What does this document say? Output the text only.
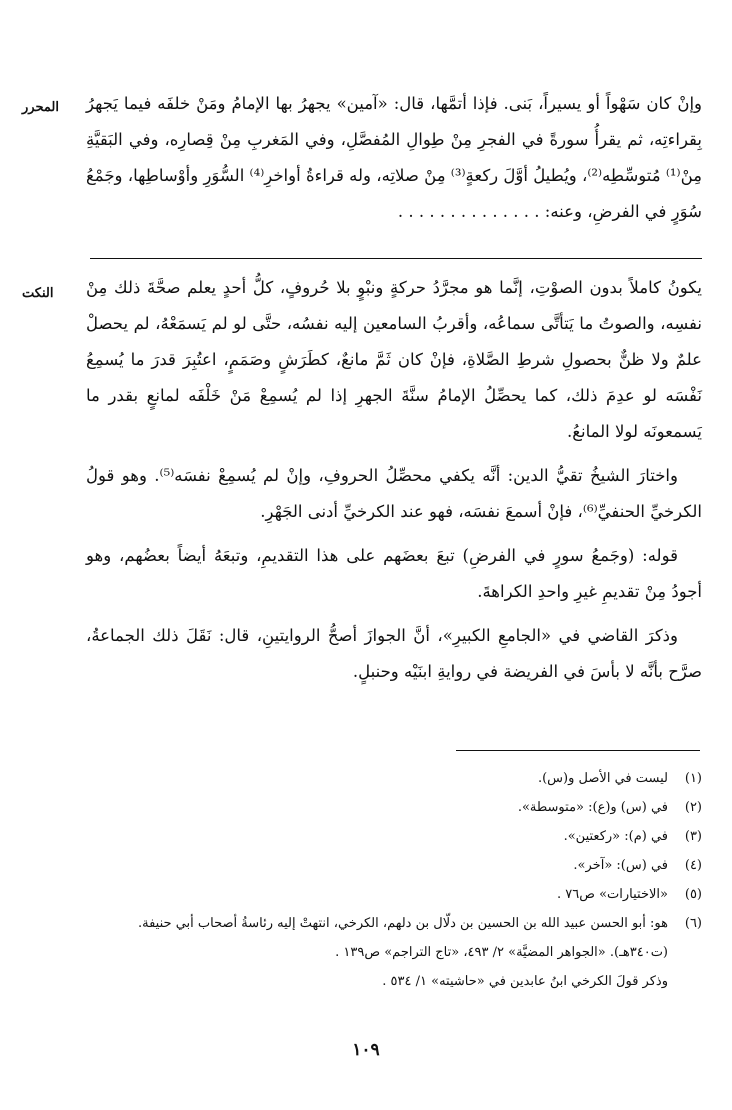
المحرر	وإنْ كان سَهْواً أو يسيراً، بَنى. فإذا أتمَّها، قال: «آمين» يجهرُ بها الإمامُ ومَنْ خلفَه فيما يَجهرُ بِقراءتِه، ثم يقرأُ سورةً في الفجرِ مِنْ طِوالِ المُفصَّلِ، وفي المَغربِ مِنْ قِصارِه، وفي البَقيَّةِ مِنْ⁽¹⁾ مُتوسِّطِه⁽²⁾، ويُطيلُ أوَّلَ ركعةٍ⁽³⁾ مِنْ صلاتِه، وله قراءةُ أواخرِ⁽⁴⁾ السُّوَرِ وأوْساطِها، وجَمْعُ سُوَرٍ في الفرضِ، وعنه: . . . . . . . . . . . . . .

النكت	يكونُ كاملاً بدون الصوْتِ، إنَّما هو مجرَّدُ حركةٍ ونبْوٍ بلا حُروفٍ، كلُّ أحدٍ يعلم صحَّةَ ذلك مِنْ نفسِه، والصوتُ ما يَتأتَّى سماعُه، وأقربُ السامعين إليه نفسُه، حتَّى لو لم يَسمَعْهُ، لم يحصلْ علمٌ ولا ظنٌّ بحصولِ شرطِ الصَّلاةِ، فإنْ كان ثَمَّ مانعٌ، كطَرَشٍ وصَمَمٍ، اعتُبِرَ قدرَ ما يُسمِعُ نَفْسَه لو عدِمَ ذلك، كما يحصِّلُ الإمامُ سنَّةَ الجهرِ إذا لم يُسمِعْ مَنْ خَلْفَه لمانعٍ بقدر ما يَسمعونَه لولا المانعُ.

واختارَ الشيخُ تقيُّ الدين: أنَّه يكفي محصِّلُ الحروفِ، وإنْ لم يُسمِعْ نفسَه⁽⁵⁾. وهو قولُ الكرخيِّ الحنفيِّ⁽⁶⁾، فإنْ أسمعَ نفسَه، فهو عند الكرخيِّ أدنى الجَهْرِ.

قوله: (وجَمعُ سورٍ في الفرضِ) تبعَ بعضَهم على هذا التقديمِ، وتبعَهُ أيضاً بعضُهم، وهو أجودُ مِنْ تقديمِ غيرِ واحدِ الكراهةَ.

وذكرَ القاضي في «الجامعِ الكبيرِ»، أنَّ الجوازَ أصحُّ الروايتينِ، قال: نَقَلَ ذلك الجماعةُ، صرَّح بأنَّه لا بأسَ في الفريضة في روايةِ ابنَيْه وحنبلٍ.

(١)
ليست في الأصل و(س).
(٢)
في (س) و(ع): «متوسطة».
(٣)
في (م): «ركعتين».
(٤)
في (س): «آخر».
(٥)
«الاختيارات» ص٧٦ .
(٦)
هو: أبو الحسن عبيد الله بن الحسين بن دلّال بن دلهم، الكرخي، انتهتْ إليه رئاسةُ أصحاب أبي حنيفة. (ت٣٤٠هـ). «الجواهر المضيَّة» ٢/ ٤٩٣، «تاج التراجم» ص١٣٩ .
وذكر قولَ الكرخي ابنُ عابدين في «حاشيته» ١/ ٥٣٤ .
١٠٩
